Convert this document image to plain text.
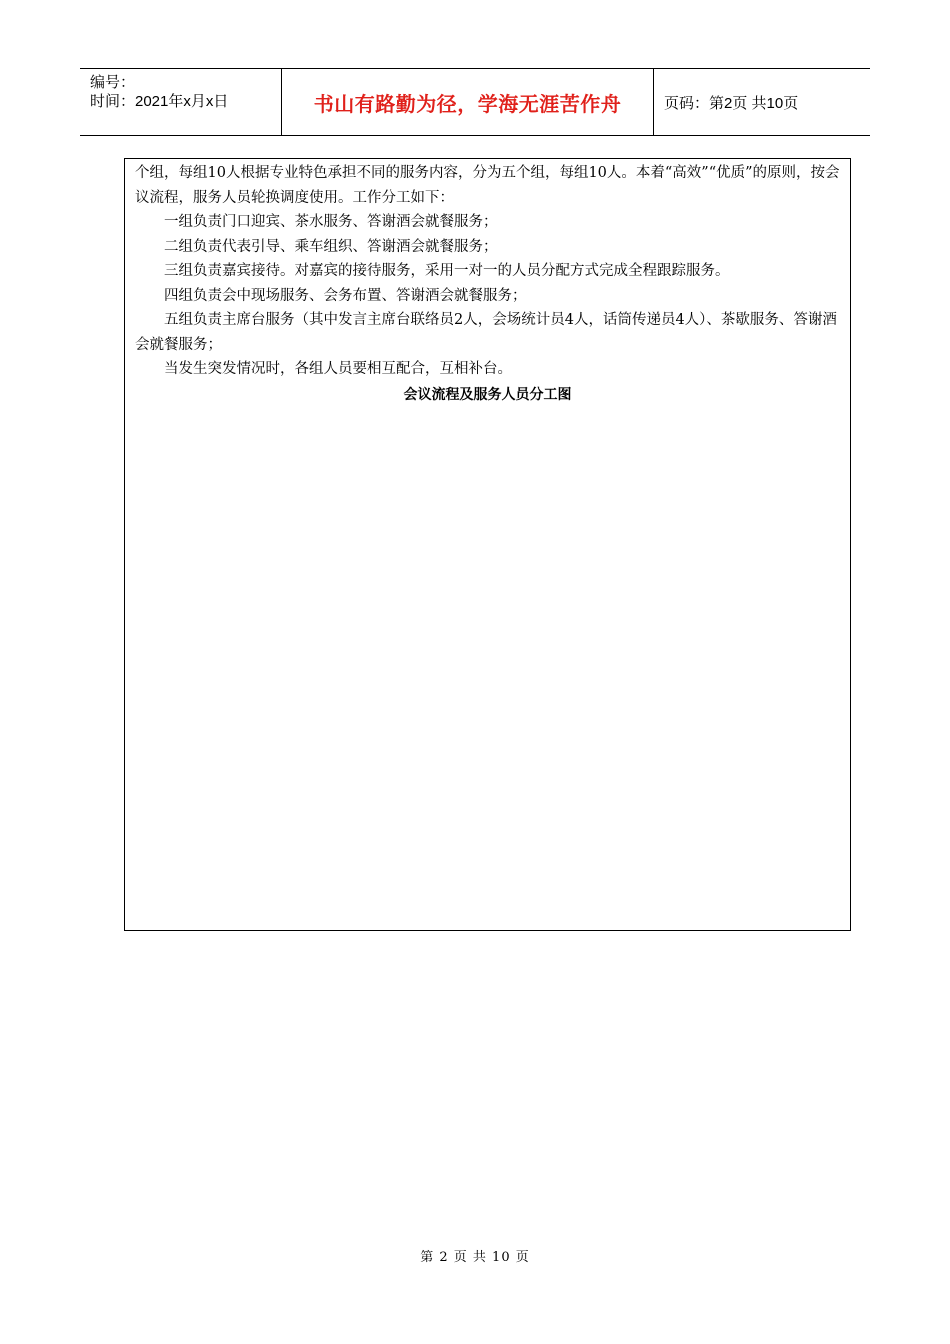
编号：
时间：2021年x月x日	书山有路勤为径，学海无涯苦作舟	页码：第2页 共10页

个组，每组10人根据专业特色承担不同的服务内容，分为五个组，每组10人。本着“高效”“优质”的原则，按会议流程，服务人员轮换调度使用。工作分工如下：

一组负责门口迎宾、茶水服务、答谢酒会就餐服务；

二组负责代表引导、乘车组织、答谢酒会就餐服务；

三组负责嘉宾接待。对嘉宾的接待服务，采用一对一的人员分配方式完成全程跟踪服务。

四组负责会中现场服务、会务布置、答谢酒会就餐服务；

五组负责主席台服务（其中发言主席台联络员2人，会场统计员4人，话筒传递员4人）、茶歇服务、答谢酒会就餐服务；

当发生突发情况时，各组人员要相互配合，互相补台。

会议流程及服务人员分工图

第 2 页 共 10 页
